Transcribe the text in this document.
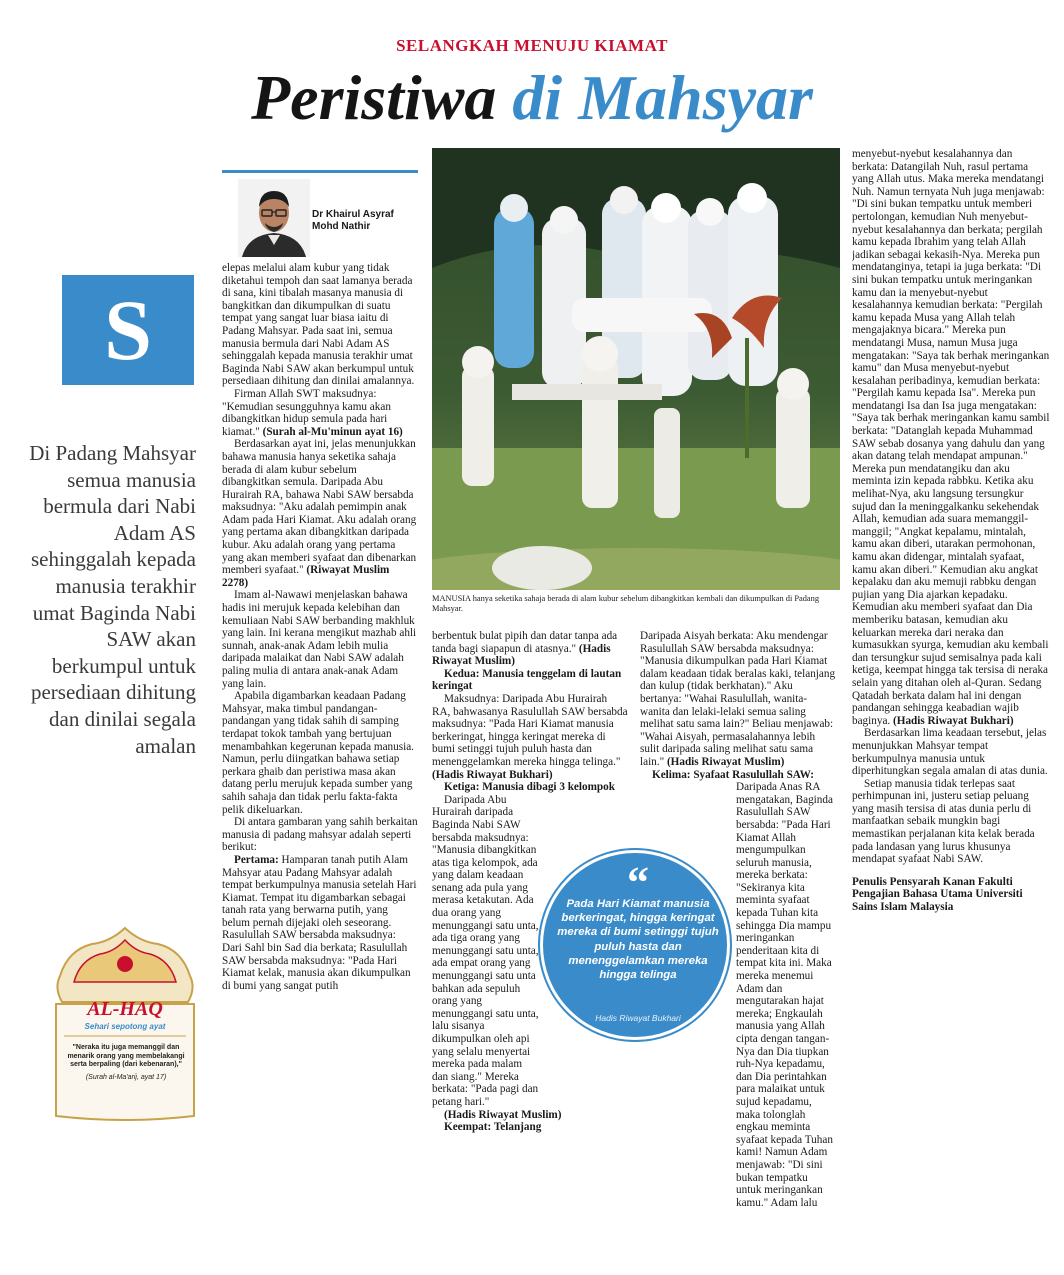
SELANGKAH MENUJU KIAMAT
Peristiwa di Mahsyar
Dr Khairul Asyraf Mohd Nathir
S
Di Padang Mahsyar semua manusia bermula dari Nabi Adam AS sehinggalah kepada manusia terakhir umat Baginda Nabi SAW akan berkumpul untuk persediaan dihitung dan dinilai segala amalan
AL-HAQ
Sehari sepotong ayat
"Neraka itu juga memanggil dan menarik orang yang membelakangi serta berpaling (dari kebenaran),"
(Surah al-Ma'arij, ayat 17)
MANUSIA hanya seketika sahaja berada di alam kubur sebelum dibangkitkan kembali dan dikumpulkan di Padang Mahsyar.

elepas melalui alam kubur yang tidak diketahui tempoh dan saat lamanya berada di sana, kini tibalah masanya manusia di bangkitkan dan dikumpulkan di suatu tempat yang sangat luar biasa iaitu di Padang Mahsyar. Pada saat ini, semua manusia bermula dari Nabi Adam AS sehinggalah kepada manusia terakhir umat Baginda Nabi SAW akan berkumpul untuk persediaan dihitung dan dinilai amalannya.

Firman Allah SWT maksudnya: "Kemudian sesungguhnya kamu akan dibangkitkan hidup semula pada hari kiamat." (Surah al-Mu'minun ayat 16)

Berdasarkan ayat ini, jelas menunjukkan bahawa manusia hanya seketika sahaja berada di alam kubur sebelum dibangkitkan semula. Daripada Abu Hurairah RA, bahawa Nabi SAW bersabda maksudnya: "Aku adalah pemimpin anak Adam pada Hari Kiamat. Aku adalah orang yang pertama akan dibangkitkan daripada kubur. Aku adalah orang yang pertama yang akan memberi syafaat dan dibenarkan memberi syafaat." (Riwayat Muslim 2278)

Imam al-Nawawi menjelaskan bahawa hadis ini merujuk kepada kelebihan dan kemuliaan Nabi SAW berbanding makhluk yang lain. Ini kerana mengikut mazhab ahli sunnah, anak-anak Adam lebih mulia daripada malaikat dan Nabi SAW adalah paling mulia di antara anak-anak Adam yang lain.

Apabila digambarkan keadaan Padang Mahsyar, maka timbul pandangan-pandangan yang tidak sahih di samping terdapat tokok tambah yang bertujuan menambahkan kegerunan kepada manusia. Namun, perlu diingatkan bahawa setiap perkara ghaib dan peristiwa masa akan datang perlu merujuk kepada sumber yang sahih sahaja dan tidak perlu fakta-fakta pelik dikeluarkan.

Di antara gambaran yang sahih berkaitan manusia di padang mahsyar adalah seperti berikut:

Pertama: Hamparan tanah putih Alam Mahsyar atau Padang Mahsyar adalah tempat berkumpulnya manusia setelah Hari Kiamat. Tempat itu digambarkan sebagai tanah rata yang berwarna putih, yang belum pernah dijejaki oleh seseorang. Rasulullah SAW bersabda maksudnya: Dari Sahl bin Sad dia berkata; Rasulullah SAW bersabda maksudnya: "Pada Hari Kiamat kelak, manusia akan dikumpulkan di bumi yang sangat putih

berbentuk bulat pipih dan datar tanpa ada tanda bagi siapapun di atasnya." (Hadis Riwayat Muslim)

Kedua: Manusia tenggelam di lautan keringat

Maksudnya: Daripada Abu Hurairah RA, bahwasanya Rasulullah SAW bersabda maksudnya: "Pada Hari Kiamat manusia berkeringat, hingga keringat mereka di bumi setinggi tujuh puluh hasta dan menenggelamkan mereka hingga telinga." (Hadis Riwayat Bukhari)

Ketiga: Manusia dibagi 3 kelompok

Daripada Abu Hurairah daripada Baginda Nabi SAW bersabda maksudnya: "Manusia dibangkitkan atas tiga kelompok, ada yang dalam keadaan senang ada pula yang merasa ketakutan. Ada dua orang yang menunggangi satu unta, ada tiga orang yang menunggangi satu unta, ada empat orang yang menunggangi satu unta bahkan ada sepuluh orang yang menunggangi satu unta, lalu sisanya dikumpulkan oleh api yang selalu menyertai mereka pada malam dan siang." Mereka berkata: "Pada pagi dan petang hari."

(Hadis Riwayat Muslim)

Keempat: Telanjang

Daripada Aisyah berkata: Aku mendengar Rasulullah SAW bersabda maksudnya: "Manusia dikumpulkan pada Hari Kiamat dalam keadaan tidak beralas kaki, telanjang dan kulup (tidak berkhatan)." Aku bertanya: "Wahai Rasulullah, wanita-wanita dan lelaki-lelaki semua saling melihat satu sama lain?" Beliau menjawab: "Wahai Aisyah, permasalahannya lebih sulit daripada saling melihat satu sama lain." (Hadis Riwayat Muslim)

Kelima: Syafaat Rasulullah SAW:

Daripada Anas RA mengatakan, Baginda Rasulullah SAW bersabda: "Pada Hari Kiamat Allah mengumpulkan seluruh manusia, mereka berkata: "Sekiranya kita meminta syafaat kepada Tuhan kita sehingga Dia mampu meringankan penderitaan kita di tempat kita ini. Maka mereka menemui Adam dan mengutarakan hajat mereka; Engkaulah manusia yang Allah cipta dengan tangan-Nya dan Dia tiupkan ruh-Nya kepadamu, dan Dia perintahkan para malaikat untuk sujud kepadamu, maka tolonglah engkau meminta syafaat kepada Tuhan kami! Namun Adam menjawab: "Di sini bukan tempatku untuk meringankan kamu." Adam lalu

menyebut-nyebut kesalahannya dan berkata: Datangilah Nuh, rasul pertama yang Allah utus. Maka mereka mendatangi Nuh. Namun ternyata Nuh juga menjawab: "Di sini bukan tempatku untuk memberi pertolongan, kemudian Nuh menyebut-nyebut kesalahannya dan berkata; pergilah kamu kepada Ibrahim yang telah Allah jadikan sebagai kekasih-Nya. Mereka pun mendatanginya, tetapi ia juga berkata: "Di sini bukan tempatku untuk meringankan kamu dan ia menyebut-nyebut kesalahannya kemudian berkata: "Pergilah kamu kepada Musa yang Allah telah mengajaknya bicara." Mereka pun mendatangi Musa, namun Musa juga mengatakan: "Saya tak berhak meringankan kamu" dan Musa menyebut-nyebut kesalahan peribadinya, kemudian berkata: "Pergilah kamu kepada Isa". Mereka pun mendatangi Isa dan Isa juga mengatakan: "Saya tak berhak meringankan kamu sambil berkata: "Datanglah kepada Muhammad SAW sebab dosanya yang dahulu dan yang akan datang telah mendapat ampunan." Mereka pun mendatangiku dan aku meminta izin kepada rabbku. Ketika aku melihat-Nya, aku langsung tersungkur sujud dan Ia meninggalkanku sekehendak Allah, kemudian ada suara memanggil-manggil; "Angkat kepalamu, mintalah, kamu akan diberi, utarakan permohonan, kamu akan didengar, mintalah syafaat, kamu akan diberi." Kemudian aku angkat kepalaku dan aku memuji rabbku dengan pujian yang Dia ajarkan kepadaku. Kemudian aku memberi syafaat dan Dia memberiku batasan, kemudian aku keluarkan mereka dari neraka dan kumasukkan syurga, kemudian aku kembali dan tersungkur sujud semisalnya pada kali ketiga, keempat hingga tak tersisa di neraka selain yang ditahan oleh al-Quran. Sedang Qatadah berkata dalam hal ini dengan pandangan sehingga keabadian wajib baginya. (Hadis Riwayat Bukhari)

Berdasarkan lima keadaan tersebut, jelas menunjukkan Mahsyar tempat berkumpulnya manusia untuk diperhitungkan segala amalan di atas dunia.

Setiap manusia tidak terlepas saat perhimpunan ini, justeru setiap peluang yang masih tersisa di atas dunia perlu di manfaatkan sebaik mungkin bagi memastikan perjalanan kita kelak berada pada landasan yang lurus khusunya mendapat syafaat Nabi SAW.

Penulis Pensyarah Kanan Fakulti Pengajian Bahasa Utama Universiti Sains Islam Malaysia

“
Pada Hari Kiamat manusia berkeringat, hingga keringat mereka di bumi setinggi tujuh puluh hasta dan menenggelamkan mereka hingga telinga
Hadis Riwayat Bukhari
